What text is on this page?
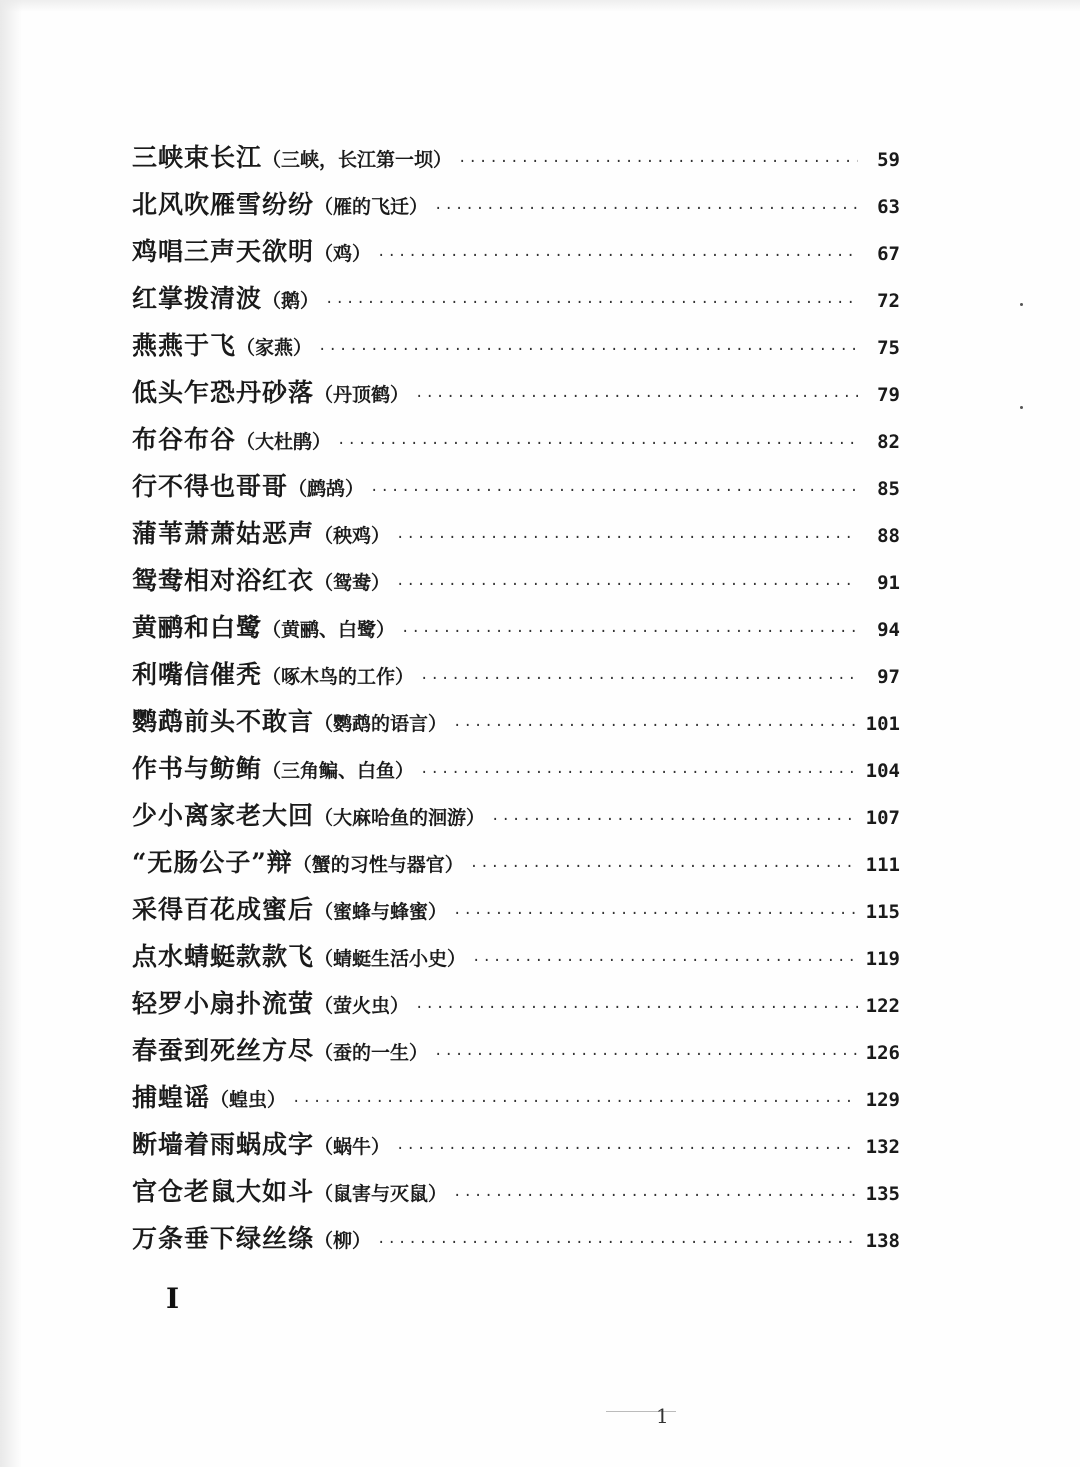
三峡束长江 （三峡，长江第一坝） ·····	59
北风吹雁雪纷纷 （雁的飞迁） ·····	63
鸡唱三声天欲明 （鸡） ·····	67
红掌拨清波 （鹅） ·····	72
燕燕于飞 （家燕） ·····	75
低头乍恐丹砂落 （丹顶鹤） ·····	79
布谷布谷 （大杜鹃） ·····	82
行不得也哥哥 （鹧鸪） ·····	85
蒲苇萧萧姑恶声 （秧鸡） ·····	88
鸳鸯相对浴红衣 （鸳鸯） ·····	91
黄鹂和白鹭 （黄鹂、白鹭） ·····	94
利嘴信催秃 （啄木鸟的工作） ·····	97
鹦鹉前头不敢言 （鹦鹉的语言） ·····	101
作书与鲂鲔 （三角鳊、白鱼） ·····	104
少小离家老大回 （大麻哈鱼的洄游） ·····	107
“无肠公子”辩 （蟹的习性与器官） ·····	111
采得百花成蜜后 （蜜蜂与蜂蜜） ·····	115
点水蜻蜓款款飞 （蜻蜓生活小史） ·····	119
轻罗小扇扑流萤 （萤火虫） ·····	122
春蚕到死丝方尽 （蚕的一生） ·····	126
捕蝗谣 （蝗虫） ·····	129
断墙着雨蜗成字 （蜗牛） ·····	132
官仓老鼠大如斗 （鼠害与灭鼠） ·····	135
万条垂下绿丝绦 （柳） ·····	138
I
1
